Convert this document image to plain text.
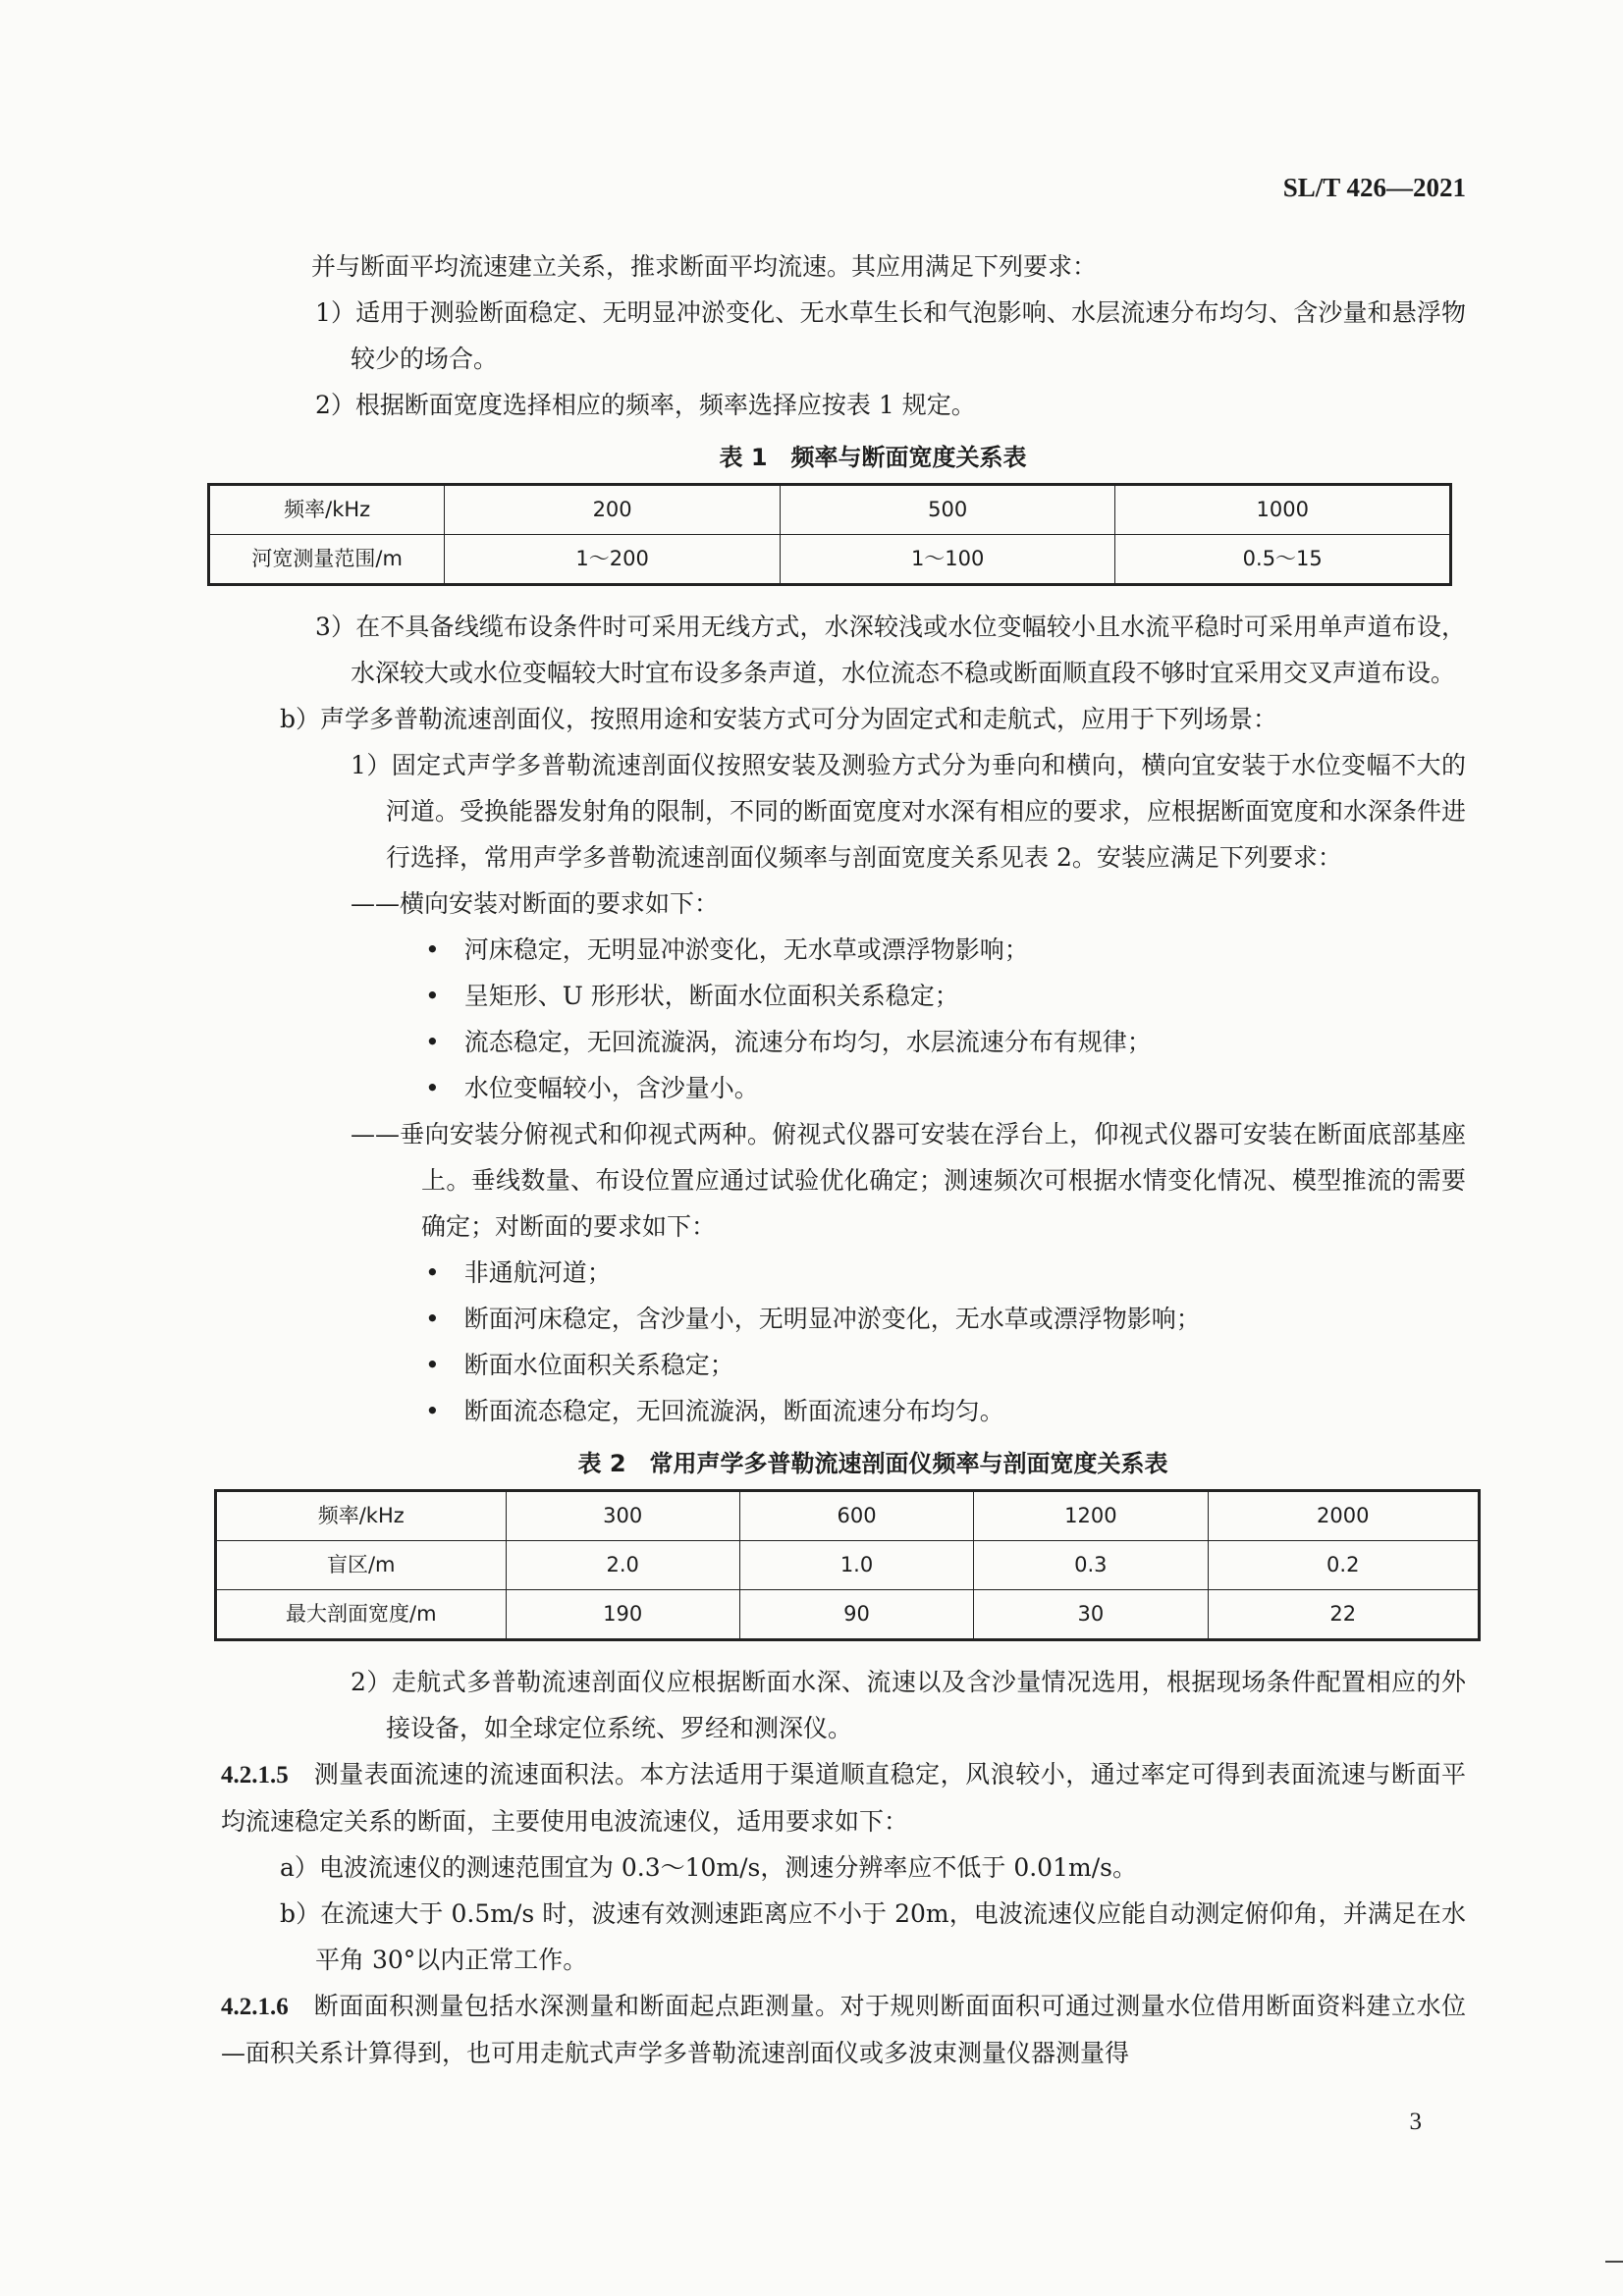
SL/T 426—2021

并与断面平均流速建立关系，推求断面平均流速。其应用满足下列要求：

1）适用于测验断面稳定、无明显冲淤变化、无水草生长和气泡影响、水层流速分布均匀、含沙量和悬浮物较少的场合。

2）根据断面宽度选择相应的频率，频率选择应按表 1 规定。

表 1　频率与断面宽度关系表

频率/kHz	200	500	1000
河宽测量范围/m	1～200	1～100	0.5～15

3）在不具备线缆布设条件时可采用无线方式，水深较浅或水位变幅较小且水流平稳时可采用单声道布设，水深较大或水位变幅较大时宜布设多条声道，水位流态不稳或断面顺直段不够时宜采用交叉声道布设。

b）声学多普勒流速剖面仪，按照用途和安装方式可分为固定式和走航式，应用于下列场景：

1）固定式声学多普勒流速剖面仪按照安装及测验方式分为垂向和横向，横向宜安装于水位变幅不大的河道。受换能器发射角的限制，不同的断面宽度对水深有相应的要求，应根据断面宽度和水深条件进行选择，常用声学多普勒流速剖面仪频率与剖面宽度关系见表 2。安装应满足下列要求：

——横向安装对断面的要求如下：

•　河床稳定，无明显冲淤变化，无水草或漂浮物影响；

•　呈矩形、U 形形状，断面水位面积关系稳定；

•　流态稳定，无回流漩涡，流速分布均匀，水层流速分布有规律；

•　水位变幅较小，含沙量小。

——垂向安装分俯视式和仰视式两种。俯视式仪器可安装在浮台上，仰视式仪器可安装在断面底部基座上。垂线数量、布设位置应通过试验优化确定；测速频次可根据水情变化情况、模型推流的需要确定；对断面的要求如下：

•　非通航河道；

•　断面河床稳定，含沙量小，无明显冲淤变化，无水草或漂浮物影响；

•　断面水位面积关系稳定；

•　断面流态稳定，无回流漩涡，断面流速分布均匀。

表 2　常用声学多普勒流速剖面仪频率与剖面宽度关系表

频率/kHz	300	600	1200	2000
盲区/m	2.0	1.0	0.3	0.2
最大剖面宽度/m	190	90	30	22

2）走航式多普勒流速剖面仪应根据断面水深、流速以及含沙量情况选用，根据现场条件配置相应的外接设备，如全球定位系统、罗经和测深仪。

4.2.1.5　 测量表面流速的流速面积法。本方法适用于渠道顺直稳定，风浪较小，通过率定可得到表面流速与断面平均流速稳定关系的断面，主要使用电波流速仪，适用要求如下：

a）电波流速仪的测速范围宜为 0.3～10m/s，测速分辨率应不低于 0.01m/s。

b）在流速大于 0.5m/s 时，波速有效测速距离应不小于 20m，电波流速仪应能自动测定俯仰角，并满足在水平角 30°以内正常工作。

4.2.1.6　 断面面积测量包括水深测量和断面起点距测量。对于规则断面面积可通过测量水位借用断面资料建立水位—面积关系计算得到，也可用走航式声学多普勒流速剖面仪或多波束测量仪器测量得

3
